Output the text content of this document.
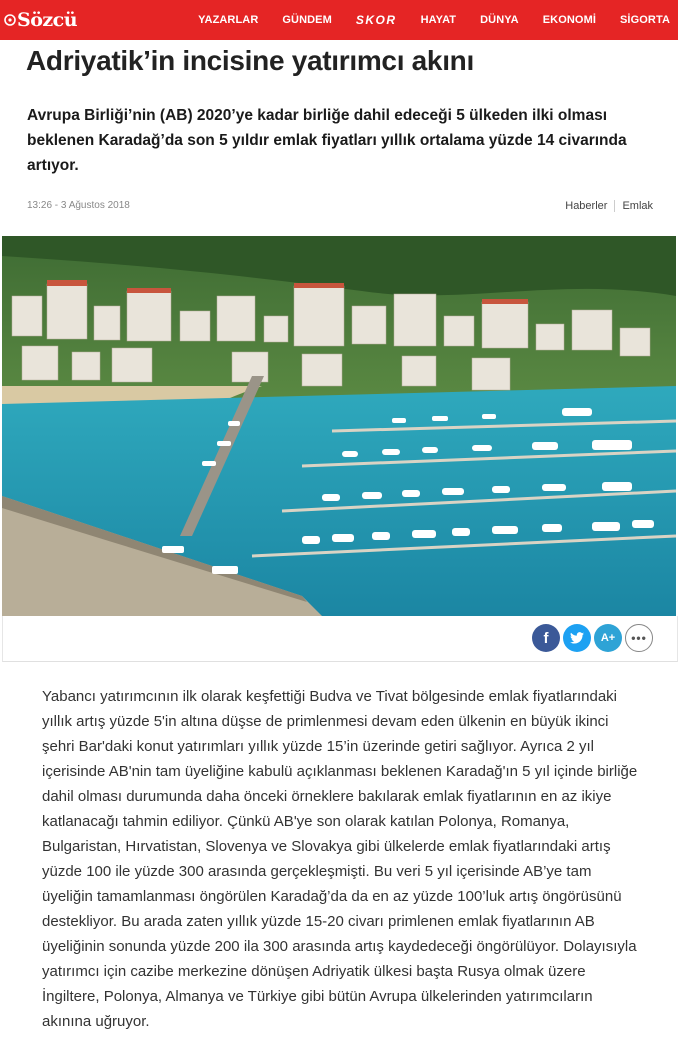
Sözcü	YAZARLAR GÜNDEM SKOR HAYAT DÜNYA EKONOMİ SİGORTA
Adriyatik’in incisine yatırımcı akını

Avrupa Birliği’nin (AB) 2020’ye kadar birliğe dahil edeceği 5 ülkeden ilki olması beklenen Karadağ’da son 5 yıldır emlak fiyatları yıllık ortalama yüzde 14 civarında artıyor.

13:26 - 3 Ağustos 2018	Haberler Emlak
f	A+ •••

Yabancı yatırımcının ilk olarak keşfettiği Budva ve Tivat bölgesinde emlak fiyatlarındaki yıllık artış yüzde 5'in altına düşse de primlenmesi devam eden ülkenin en büyük ikinci şehri Bar'daki konut yatırımları yıllık yüzde 15’in üzerinde getiri sağlıyor. Ayrıca 2 yıl içerisinde AB'nin tam üyeliğine kabulü açıklanması beklenen Karadağ'ın 5 yıl içinde birliğe dahil olması durumunda daha önceki örneklere bakılarak emlak fiyatlarının en az ikiye katlanacağı tahmin ediliyor. Çünkü AB'ye son olarak katılan Polonya, Romanya, Bulgaristan, Hırvatistan, Slovenya ve Slovakya gibi ülkelerde emlak fiyatlarındaki artış yüzde 100 ile yüzde 300 arasında gerçekleşmişti. Bu veri 5 yıl içerisinde AB’ye tam üyeliğin tamamlanması öngörülen Karadağ’da da en az yüzde 100’luk artış öngörüsünü destekliyor. Bu arada zaten yıllık yüzde 15-20 civarı primlenen emlak fiyatlarının AB üyeliğinin sonunda yüzde 200 ila 300 arasında artış kaydedeceği öngörülüyor. Dolayısıyla yatırımcı için cazibe merkezine dönüşen Adriyatik ülkesi başta Rusya olmak üzere İngiltere, Polonya, Almanya ve Türkiye gibi bütün Avrupa ülkelerinden yatırımcıların akınına uğruyor.
